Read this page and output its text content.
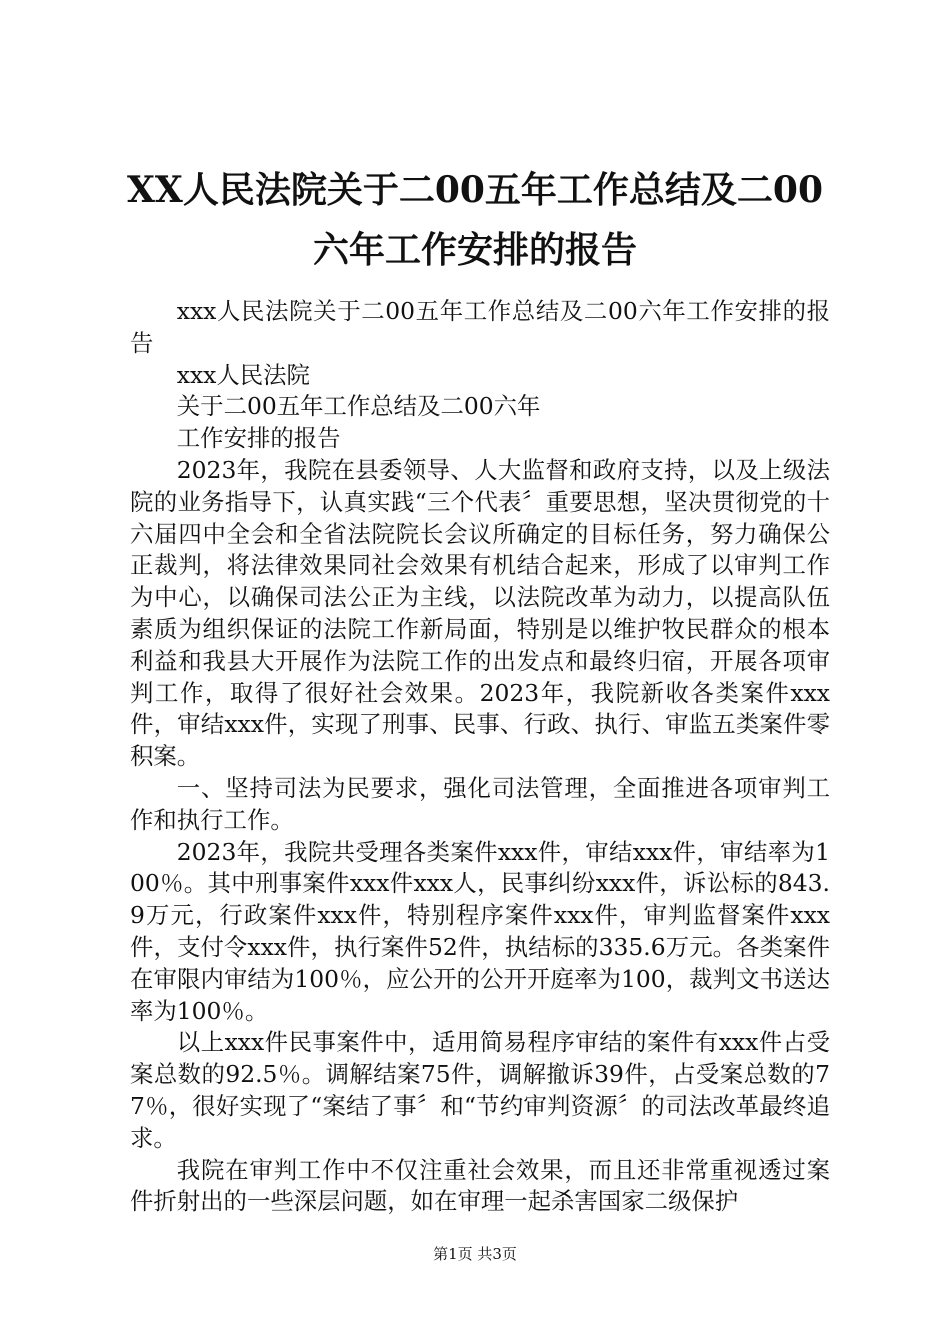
XX人民法院关于二00五年工作总结及二00六年工作安排的报告

xxx人民法院关于二00五年工作总结及二00六年工作安排的报告

xxx人民法院

关于二00五年工作总结及二00六年

工作安排的报告

2023年，我院在县委领导、人大监督和政府支持，以及上级法院的业务指导下，认真实践“三个代表〞重要思想，坚决贯彻党的十六届四中全会和全省法院院长会议所确定的目标任务，努力确保公正裁判，将法律效果同社会效果有机结合起来，形成了以审判工作为中心，以确保司法公正为主线，以法院改革为动力，以提高队伍素质为组织保证的法院工作新局面，特别是以维护牧民群众的根本利益和我县大开展作为法院工作的出发点和最终归宿，开展各项审判工作，取得了很好社会效果。2023年，我院新收各类案件xxx件，审结xxx件，实现了刑事、民事、行政、执行、审监五类案件零积案。

一、坚持司法为民要求，强化司法管理，全面推进各项审判工作和执行工作。

2023年，我院共受理各类案件xxx件，审结xxx件，审结率为100％。其中刑事案件xxx件xxx人，民事纠纷xxx件，诉讼标的843.9万元，行政案件xxx件，特别程序案件xxx件，审判监督案件xxx件，支付令xxx件，执行案件52件，执结标的335.6万元。各类案件在审限内审结为100％，应公开的公开开庭率为100，裁判文书送达率为100％。

以上xxx件民事案件中，适用简易程序审结的案件有xxx件占受案总数的92.5％。调解结案75件，调解撤诉39件，占受案总数的77％，很好实现了“案结了事〞和“节约审判资源〞的司法改革最终追求。

我院在审判工作中不仅注重社会效果，而且还非常重视透过案件折射出的一些深层问题，如在审理一起杀害国家二级保护

第1页 共3页
